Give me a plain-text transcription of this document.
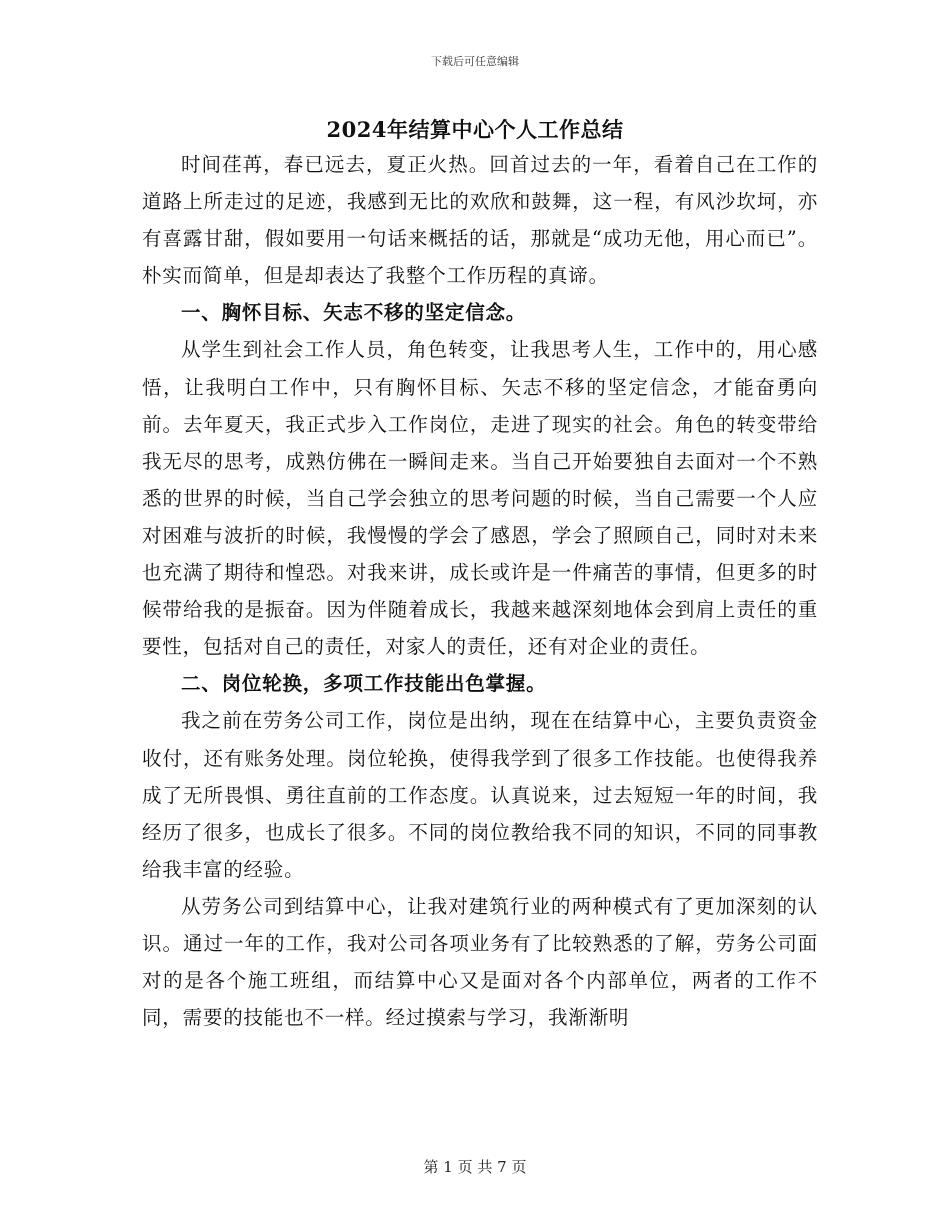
下载后可任意编辑
2024年结算中心个人工作总结

时间荏苒，春已远去，夏正火热。回首过去的一年，看着自己在工作的道路上所走过的足迹，我感到无比的欢欣和鼓舞，这一程，有风沙坎坷，亦有喜露甘甜，假如要用一句话来概括的话，那就是“成功无他，用心而已”。朴实而简单，但是却表达了我整个工作历程的真谛。

一、胸怀目标、矢志不移的坚定信念。

从学生到社会工作人员，角色转变，让我思考人生，工作中的，用心感悟，让我明白工作中，只有胸怀目标、矢志不移的坚定信念，才能奋勇向前。去年夏天，我正式步入工作岗位，走进了现实的社会。角色的转变带给我无尽的思考，成熟仿佛在一瞬间走来。当自己开始要独自去面对一个不熟悉的世界的时候，当自己学会独立的思考问题的时候，当自己需要一个人应对困难与波折的时候，我慢慢的学会了感恩，学会了照顾自己，同时对未来也充满了期待和惶恐。对我来讲，成长或许是一件痛苦的事情，但更多的时候带给我的是振奋。因为伴随着成长，我越来越深刻地体会到肩上责任的重要性，包括对自己的责任，对家人的责任，还有对企业的责任。

二、岗位轮换，多项工作技能出色掌握。

我之前在劳务公司工作，岗位是出纳，现在在结算中心，主要负责资金收付，还有账务处理。岗位轮换，使得我学到了很多工作技能。也使得我养成了无所畏惧、勇往直前的工作态度。认真说来，过去短短一年的时间，我经历了很多，也成长了很多。不同的岗位教给我不同的知识，不同的同事教给我丰富的经验。

从劳务公司到结算中心，让我对建筑行业的两种模式有了更加深刻的认识。通过一年的工作，我对公司各项业务有了比较熟悉的了解，劳务公司面对的是各个施工班组，而结算中心又是面对各个内部单位，两者的工作不同，需要的技能也不一样。经过摸索与学习，我渐渐明

第 1 页 共 7 页
